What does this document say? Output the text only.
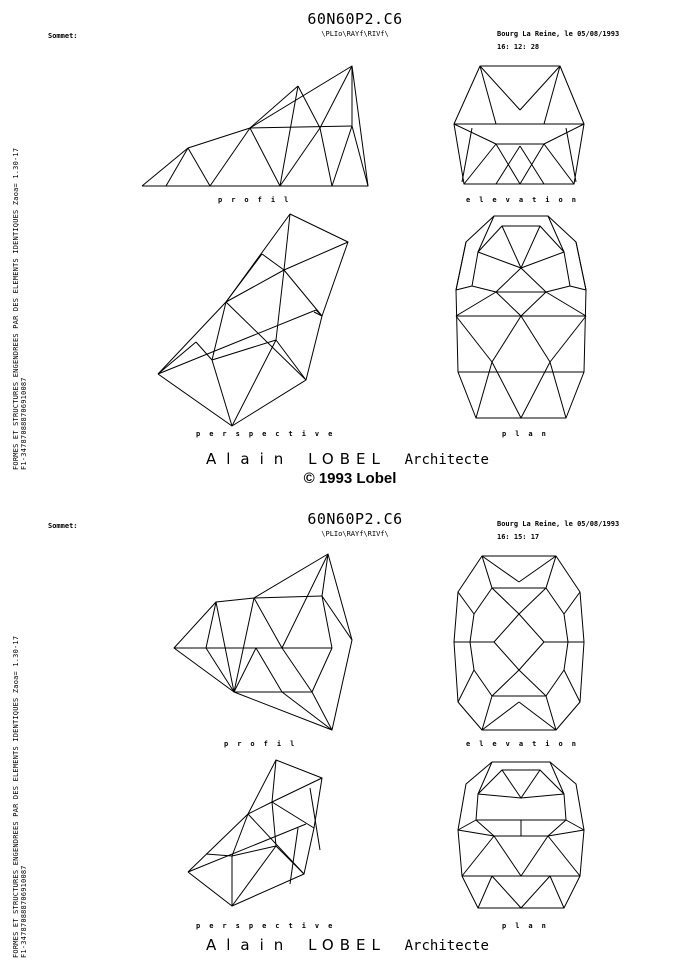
FORMES ET STRUCTURES ENGENDREES PAR DES ELEMENTS IDENTIQUES Zaoa= 1.30-17 F1-347870888706910087
Sommet:
60N60P2.C6
\PLIo\RAYf\RIVf\	Bourg La Reine, le 05/08/1993
16: 12: 28
profil	elevation
perspective	plan
Alain LOBEL Architecte
© 1993 Lobel
FORMES ET STRUCTURES ENGENDREES PAR DES ELEMENTS IDENTIQUES Zaoa= 1.30-17 F1-347870888706910087
Sommet:	60N60P2.C6
\PLIo\RAYf\RIVf\
Bourg La Reine, le 05/08/1993
16: 15: 17
profil	elevation
perspective	plan
Alain LOBEL Architecte
